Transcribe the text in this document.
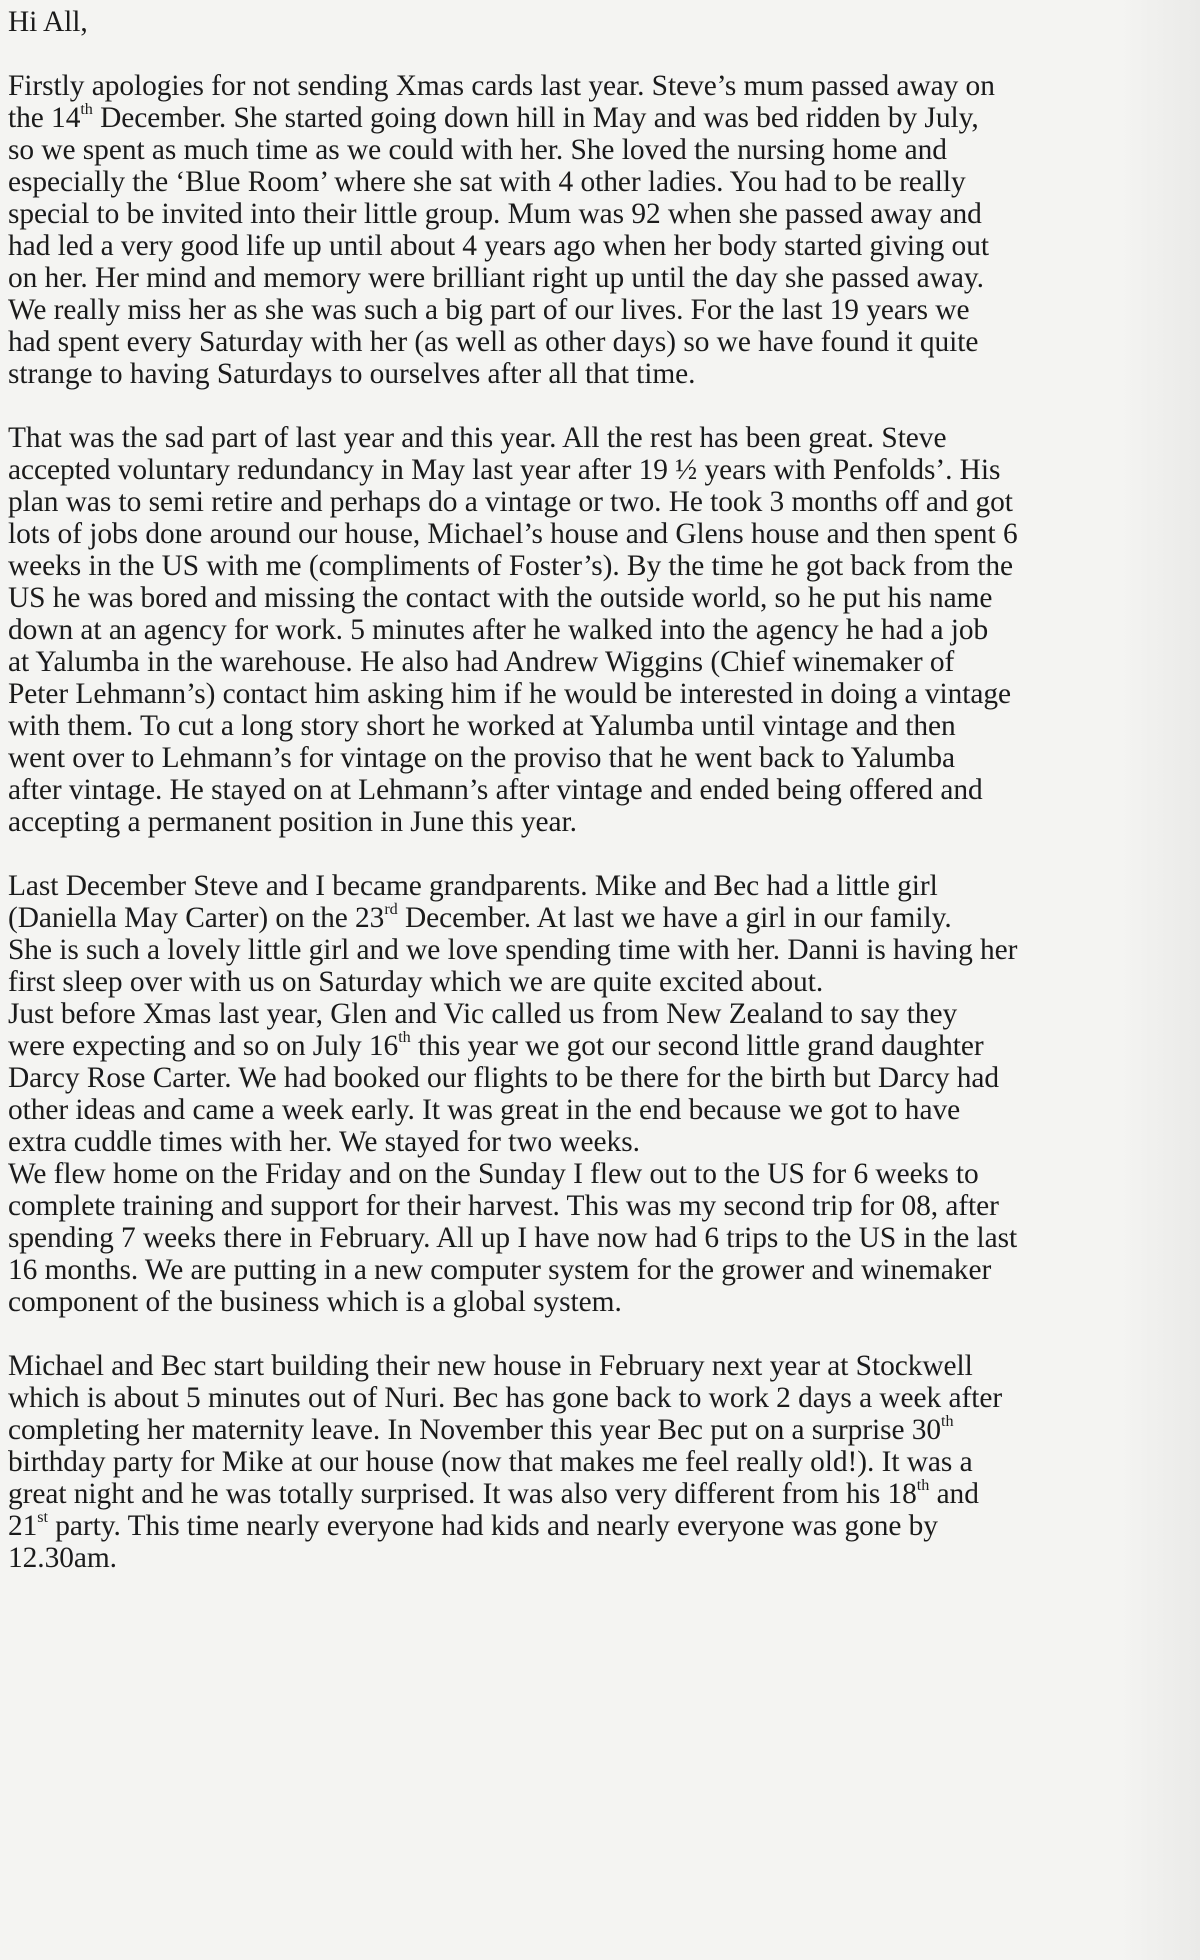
Hi All,
Firstly apologies for not sending Xmas cards last year. Steve’s mum passed away on
the 14th December. She started going down hill in May and was bed ridden by July,
so we spent as much time as we could with her. She loved the nursing home and
especially the ‘Blue Room’ where she sat with 4 other ladies. You had to be really
special to be invited into their little group. Mum was 92 when she passed away and
had led a very good life up until about 4 years ago when her body started giving out
on her. Her mind and memory were brilliant right up until the day she passed away.
We really miss her as she was such a big part of our lives. For the last 19 years we
had spent every Saturday with her (as well as other days) so we have found it quite
strange to having Saturdays to ourselves after all that time.
That was the sad part of last year and this year. All the rest has been great. Steve
accepted voluntary redundancy in May last year after 19 ½ years with Penfolds’. His
plan was to semi retire and perhaps do a vintage or two. He took 3 months off and got
lots of jobs done around our house, Michael’s house and Glens house and then spent 6
weeks in the US with me (compliments of Foster’s). By the time he got back from the
US he was bored and missing the contact with the outside world, so he put his name
down at an agency for work. 5 minutes after he walked into the agency he had a job
at Yalumba in the warehouse. He also had Andrew Wiggins (Chief winemaker of
Peter Lehmann’s) contact him asking him if he would be interested in doing a vintage
with them. To cut a long story short he worked at Yalumba until vintage and then
went over to Lehmann’s for vintage on the proviso that he went back to Yalumba
after vintage. He stayed on at Lehmann’s after vintage and ended being offered and
accepting a permanent position in June this year.
Last December Steve and I became grandparents. Mike and Bec had a little girl
(Daniella May Carter) on the 23rd December. At last we have a girl in our family.
She is such a lovely little girl and we love spending time with her. Danni is having her
first sleep over with us on Saturday which we are quite excited about.
Just before Xmas last year, Glen and Vic called us from New Zealand to say they
were expecting and so on July 16th this year we got our second little grand daughter
Darcy Rose Carter. We had booked our flights to be there for the birth but Darcy had
other ideas and came a week early. It was great in the end because we got to have
extra cuddle times with her. We stayed for two weeks.
We flew home on the Friday and on the Sunday I flew out to the US for 6 weeks to
complete training and support for their harvest. This was my second trip for 08, after
spending 7 weeks there in February. All up I have now had 6 trips to the US in the last
16 months. We are putting in a new computer system for the grower and winemaker
component of the business which is a global system.
Michael and Bec start building their new house in February next year at Stockwell
which is about 5 minutes out of Nuri. Bec has gone back to work 2 days a week after
completing her maternity leave. In November this year Bec put on a surprise 30th
birthday party for Mike at our house (now that makes me feel really old!). It was a
great night and he was totally surprised. It was also very different from his 18th and
21st party. This time nearly everyone had kids and nearly everyone was gone by
12.30am.
